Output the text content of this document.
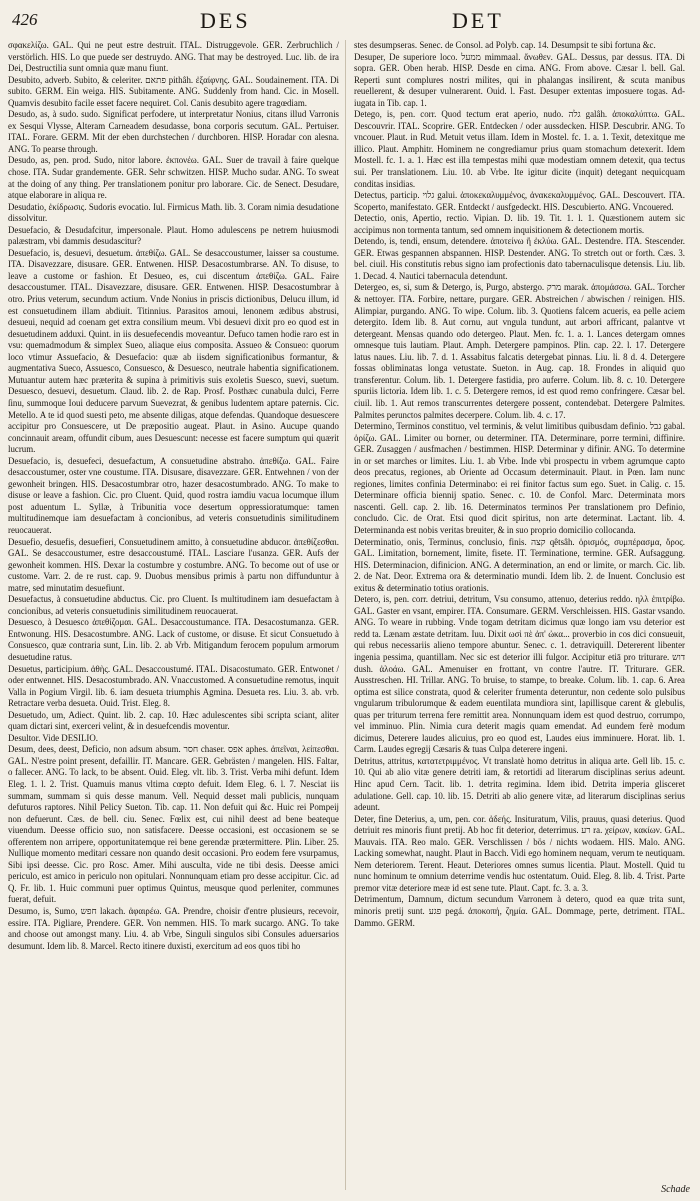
426	DES	DET

σφακελίζω. GAL. Qui ne peut estre destruit. ITAL. Distruggevole. GER. Zerbruchlich / verstörlich. HIS. Lo que puede ser destruydo. ANG. That may be destroyed. Luc. lib. de ira Dei, Destructilia sunt omnia quæ manu fiunt.

Desubito, adverb. Subito, & celeriter. פתאם pithâh. ἐξαίφνης. GAL. Soudainement. ITA. Di subito. GERM. Ein weiga. HIS. Subitamente. ANG. Suddenly from hand. Cic. in Mosell. Quamvis desubito facile esset facere nequiret. Col. Canis desubito agere tragœdiam.

Desudo, as, à sudo. sudo. Significat perfodere, ut interpretatur Nonius, citans illud Varronis ex Sesqui Vlysse, Alteram Carneadem desudasse, bona corporis secutum. GAL. Pertuiser. ITAL. Forare. GERM. Mit der eben durchstechen / durchboren. HISP. Horadar con alesna. ANG. To pearse through.

Desudo, as, pen. prod. Sudo, nitor labore. ἐκπονέω. GAL. Suer de travail à faire quelque chose. ITA. Sudar grandemente. GER. Sehr schwitzen. HISP. Mucho sudar. ANG. To sweat at the doing of any thing. Per translationem ponitur pro laborare. Cic. de Senect. Desudare, atque elaborare in aliqua re.

Desudatio, ἐκίδρωσις. Sudoris evocatio. Iul. Firmicus Math. lib. 3. Coram nimia desudatione dissolvitur.

Desuefacio, & Desudafcitur, impersonale. Plaut. Homo adulescens pe netrem huiusmodi palæstram, vbi dammis desudascitur?

Desuefacio, is, desuevi, desuetum. ἀπεθίζω. GAL. Se desaccoustumer, laisser sa coustume. ITA. Disavezzare, disusare. GER. Entwenen. HISP. Desacostumbrarse. AN. To disuse, to leave a custome or fashion. Et Desueo, es, cui discentum ἀπεθίζω. GAL. Faire desaccoustumer. ITAL. Disavezzare, disusare. GER. Entwenen. HISP. Desacostumbrar à otro. Prius veterum, secundum actium. Vnde Nonius in priscis dictionibus, Delucu illum, id est consuetudinem illam abdiuit. Titinnius. Parasitos amoui, lenonem ædibus abstrusi, desueui, nequid ad coenam get extra consilium meum. Vbi desuevi dixit pro eo quod est in desuetudinem adduxi. Quint. in iis desuefecendis moveantur. Defuco tamen hodie raro est in vsu: quemadmodum & simplex Sueo, aliaque eius composita. Assueo & Consueo: quorum loco vtimur Assuefacio, & Desuefacio: quæ ab iisdem significationibus formantur, & augmentativa Sueco, Assuesco, Consuesco, & Desuesco, neutrale habentia significationem. Mutuantur autem hæc præterita & supina à primitivis suis exoletis Suesco, suevi, suetum. Desuesco, desuevi, desuetum. Claud. lib. 2. de Rap. Prosf. Posthæc cunabula dulci, Ferre ſinu, summoque Ioui deducere parvum Suevezrat, & genibus ludentem aptare paternis. Cic. Metello. A te id quod suesti peto, me absente diligas, atque defendas. Quandoque desuescere accipitur pro Consuescere, ut De præpositio augeat. Plaut. in Asino. Aucupe quando concinnauit aream, offundit cibum, aues Desuescunt: necesse est facere sumptum qui quærit lucrum.

Desuefacio, is, desuefeci, desuefactum, A consuetudine abstraho. ἀπεθίζω. GAL. Faire desaccoustumer, oster vne coustume. ITA. Disusare, disavezzare. GER. Entwehnen / von der gewonheit bringen. HIS. Desacostumbrar otro, hazer desacostumbrado. ANG. To make to disuse or leave a fashion. Cic. pro Cluent. Quid, quod rostra iamdiu vacua locumque illum post aduentum L. Syllæ, à Tribunitia voce desertum oppressioratumque: tamen multitudinemque iam desuefactam à concionibus, ad veteris consuetudinis similitudinem reuocauerat.

Desuefio, desuefis, desuefieri, Consuetudinem amitto, à consuetudine abducor. ἀπεθίζεσθαι. GAL. Se desaccoustumer, estre desaccoustumé. ITAL. Lasciare l'usanza. GER. Aufs der gewonheit kommen. HIS. Dexar la costumbre y costumbre. ANG. To become out of use or custome. Varr. 2. de re rust. cap. 9. Duobus mensibus primis à partu non diffunduntur à matre, sed minutatim desuefiunt.

Desuefactus, à consuetudine abductus. Cic. pro Cluent. Is multitudinem iam desuefactam à concionibus, ad veteris consuetudinis similitudinem reuocauerat.

Desuesco, à Desuesco ἀπεθίζομαι. GAL. Desaccoustumance. ITA. Desacostumanza. GER. Entwonung. HIS. Desacostumbre. ANG. Lack of custome, or disuse. Et sicut Consuetudo à Consuesco, quæ contraria sunt, Lin. lib. 2. ab Vrb. Mitigandum ferocem populum armorum desuetudine ratus.

Desuetus, participium. ἀθὴς. GAL. Desaccoustumé. ITAL. Disacostumato. GER. Entwonet / oder entwennet. HIS. Desacostumbrado. AN. Vnaccustomed. A consuetudine remotus, inquit Valla in Pogium Virgil. lib. 6. iam desueta triumphis Agmina. Desueta res. Liu. 3. ab. vrb. Retractare verba desueta. Ouid. Trist. Eleg. 8.

Desuetudo, um, Adiect. Quint. lib. 2. cap. 10. Hæc adulescentes sibi scripta sciant, aliter quam dictari sint, exerceri velint, & in desuefcendis moventur.

Desultor. Vide DESILIO.

Desum, dees, deest, Deficio, non adsum absum. חסר chaser. אפס aphes. ἀπεῖναι, λείπεσθαι. GAL. N'estre point present, defaillir. IT. Mancare. GER. Gebrästen / mangelen. HIS. Faltar, o fallecer. ANG. To lack, to be absent. Ouid. Eleg. vlt. lib. 3. Trist. Verba mihi defunt. Idem Eleg. 1. l. 2. Trist. Quamuis manus vltima cœpto defuit. Idem Eleg. 6. l. 7. Nesciat iis summam, summam si quis desse manum. Vell. Nequid desset mali publicis, nunquam defuturos raptores. Nihil Pelicy Sueton. Tib. cap. 11. Non defuit qui &c. Huic rei Pompeij non defuerunt. Cæs. de bell. ciu. Senec. Fœlix est, cui nihil deest ad bene beateque viuendum. Deesse officio suo, non satisfacere. Deesse occasioni, est occasionem se se offerentem non arripere, opportunitatemque rei bene gerendæ prætermittere. Plin. Liber. 25. Nullique momento meditari cessare non quando desit occasioni. Pro eodem fere vsurpamus, Sibi ipsi deesse. Cic. pro Rosc. Amer. Mihi auscultа, vide ne tibi desis. Deesse amici periculo, est amico in periculo non opitulari. Nonnunquam etiam pro desse accipitur. Cic. ad Q. Fr. lib. 1. Huic communi puer optimus Quintus, meusque quod perleniter, communes fuerat, defuit.

Desumo, is, Sumo, חפש lakach. ἀφαιρέω. GA. Prendre, choisir d'entre plusieurs, recevoir, essire. ITA. Pigliare, Prendere. GER. Von nemmen. HIS. To mark sucargo. ANG. To take and choose out amongst many. Liu. 4. ab Vrbe, Singuli singulos sibi Consules aduersarios desumunt. Idem lib. 8. Marcel. Recto itinere duxisti, exercitum ad eos quos tibi ho

stes desumpseras. Senec. de Consol. ad Polyb. cap. 14. Desumpsit te sibi fortuna &c.

Desuper, De superiore loco. ממעל mimmaal. ἄνωθεν. GAL. Dessus, par dessus. ITA. Di sopra. GER. Oben herab. HISP. Desde en cima. ANG. From above. Cæsar l. bell. Gal. Reperti sunt complures nostri milites, qui in phalangas insilirent, & scuta manibus reuellerent, & desuper vulnerarent. Ouid. l. Fast. Desuper extentas imposuere togas. Ad-iugata in Tib. cap. 1.

Detego, is, pen. corr. Quod tectum erat aperio, nudo. גלה galâh. ἀποκαλύπτω. GAL. Descouvrir. ITAL. Scoprire. GER. Entdecken / oder aussdecken. HISP. Descubrir. ANG. To vncouer. Plaut. in Rud. Metuit vetus illam. Idem in Mostel. fc. 1. a. 1. Texit, detexitque me illico. Plaut. Amphitr. Hominem ne congrediamur prius quam stomachum detexerit. Idem Mostell. fc. 1. a. 1. Hæc est illa tempestas mihi quæ modestiam omnem detexit, qua tectus sui. Per translationem. Liu. 10. ab Vrbe. Ite igitur dicite (inquit) detegant nequicquam conditas insidias.

Detectus, particip. גלוי galui. ἀποκεκαλυμμένος, ἀνακεκαλυμμένος. GAL. Descouvert. ITA. Scoperto, manifestato. GER. Entdeckt / ausfgedeckt. HIS. Descubierto. ANG. Vncouered.

Detectio, onis, Apertio, rectio. Vipian. D. lib. 19. Tit. 1. l. 1. Quæstionem autem sic accipimus non tormenta tantum, sed omnem inquisitionem & detectionem mortis.

Detendo, is, tendi, ensum, detendere. ἀποτείνω ἢ ἐκλύω. GAL. Destendre. ITA. Stescender. GER. Etwas gespannen abspannen. HISP. Destender. ANG. To stretch out or forth. Cæs. 3. bel. ciuil. His constitutis rebus signo iam profectionis dato tabernaculisque detensis. Liu. lib. 1. Decad. 4. Nautici tabernacula detendunt.

Detergeo, es, si, sum & Detergo, is, Purgo, abstergo. מרק marak. ἀπομάσσω. GAL. Torcher & nettoyer. ITA. Forbire, nettare, purgare. GER. Abstreichen / abwischen / reinigen. HIS. Alimpiar, purgando. ANG. To wipe. Colum. lib. 3. Quotiens falcem acueris, ea pelle aciem detergito. Idem lib. 8. Aut cornu, aut vngula tundunt, aut arbori affricant, palantve vt detergeant. Mensas quando odo detergeo. Plaut. Men. fc. 1. a. 1. Lances detergam omnes omnesque tuis lautiam. Plaut. Amph. Detergere pampinos. Plin. cap. 22. l. 17. Detergere latus naues. Liu. lib. 7. d. 1. Assabitus falcatis detergebat pinnas. Liu. li. 8 d. 4. Detergere fossas obliminatas longa vetustate. Sueton. in Aug. cap. 18. Frondes in aliquid quo transferentur. Colum. lib. 1. Detergere fastidia, pro auferre. Colum. lib. 8. c. 10. Detergere spuriis lictoria. Idem lib. 1. c. 5. Detergere remos, id est quod remo confringere. Cæsar bel. ciuil. lib. 1. Aut remos transcurrentes detergere possent, contendebat. Detergere Palmites. Palmites perunctos palmites decerpere. Colum. lib. 4. c. 17.

Determino, Terminos constituo, vel terminis, & velut limitibus quibusdam definio. גבל gabal. ὁρίζω. GAL. Limiter ou borner, ou determiner. ITA. Determinare, porre termini, diffinire. GER. Zusaggen / ausfmachen / bestimmen. HISP. Determinar y difinir. ANG. To determine in or set marches or limites. Liu. 1. ab Vrbe. Inde vbi prospectu in vrbem agrumque capto deos precatus, regiones, ab Oriente ad Occasum determinauit. Plaut. in Pœn. Iam nunc regiones, limites confinia Determinabo: ei rei finitor factus sum ego. Suet. in Calig. c. 15. Determinare officia biennij spatio. Senec. c. 10. de Confol. Marc. Determinata mors nascenti. Gell. cap. 2. lib. 16. Determinatos terminos Per translationem pro Definio, concludo. Cic. de Orat. Etsi quod dicit spiritus, non arte determinat. Lactant. lib. 4. Determinanda est nobis veritas breuiter, & in suo proprio domicilio collocanda.

Determinatio, onis, Terminus, conclusio, finis. קצה qêtsâh. ὁρισμός, συμπέρασμα, ὅρος. GAL. Limitation, bornement, limite, fisete. IT. Terminatione, termine. GER. Aufsaggung. HIS. Determinacion, difinicion. ANG. A determination, an end or limite, or march. Cic. lib. 2. de Nat. Deor. Extrema ora & determinatio mundi. Idem lib. 2. de Inuent. Conclusio est exitus & determinatio totius orationis.

Detero, is, pen. corr. detriui, detritum, Vsu consumo, attenuo, deterius reddo. ηλλ ἐπιτρίβω. GAL. Gaster en vsant, empirer. ITA. Consumare. GERM. Verschleissen. HIS. Gastar vsando. ANG. To weare in rubbing. Vnde togam detritam dicimus quæ longo iam vsu deterior est redd ta. Lænam æstate detritam. Iuu. Dixit ωσὶ πὲ ἀπ' ὠκα... proverbio in cos dici consueuit, qui rebus necessariis alieno tempore abuntur. Senec. c. 1. detraviquill. Detererent libenter ingenia pessima, quantillam. Nec sic est deterior illi fulgor. Accipitur etiā pro triturare. דוש dush. ἀλοάω. GAL. Amenuiser en frottant, vn contre l'autre. IT. Triturare. GER. Ausstreschen. HI. Trillar. ANG. To bruise, to stampe, to breake. Colum. lib. 1. cap. 6. Area optima est silice constrata, quod & celeriter frumenta deteruntur, non cedente solo pulsibus vngularum tribulorumque & eadem euentilata mundiora sint, lapillisque carent & glebulis, quas per triturum terrena fere remittit area. Nonnunquam idem est quod destruo, corrumpo, vel imminuo. Plin. Nimia cura deterit magis quam emendat. Ad eundem ferè modum dicimus, Deterere laudes alicuius, pro eo quod est, Laudes eius imminuere. Horat. lib. 1. Carm. Laudes egregij Cæsaris & tuas Culpa deterere ingeni.

Detritus, attritus, κατατετριμμένος. Vt translatè homo detritus in aliqua arte. Gell lib. 15. c. 10. Qui ab alio vitæ genere detriti iam, & retortidi ad literarum disciplinas serius adeunt. Hinc apud Cern. Tacit. lib. 1. detrita regimina. Idem ibid. Detrita imperia glisceret adulatione. Gell. cap. 10. lib. 15. Detriti ab alio genere vitæ, ad literarum disciplinas serius adeunt.

Deter, fine Deterius, a, um, pen. cor. ἀδεής. Insituratum, Vilis, prauus, quasi deterius. Quod detriuit res minoris fiunt pretij. Ab hoc fit deterior, deterrimus. רע ra. χείρων, κακίων. GAL. Mauvais. ITA. Reo malo. GER. Verschlissen / bös / nichts wodaem. HIS. Malo. ANG. Lacking somewhat, naught. Plaut in Bacch. Vidi ego hominem nequam, verum te neutiquam. Nem deteriorem. Terent. Heaut. Deteriores omnes sumus licentia. Plaut. Mostell. Quid tu nunc hominum te omnium deterrime vendis huc ostentatum. Ouid. Eleg. 8. lib. 4. Trist. Parte premor vitæ deteriore meæ id est sene tute. Plaut. Capt. fc. 3. a. 3.

Detrimentum, Damnum, dictum secundum Varronem à detero, quod ea quæ trita sunt, minoris pretij sunt. פגע pegá. ἀποκοπή, ζημία. GAL. Dommage, perte, detriment. ITAL. Dammo. GERM.

Schade
